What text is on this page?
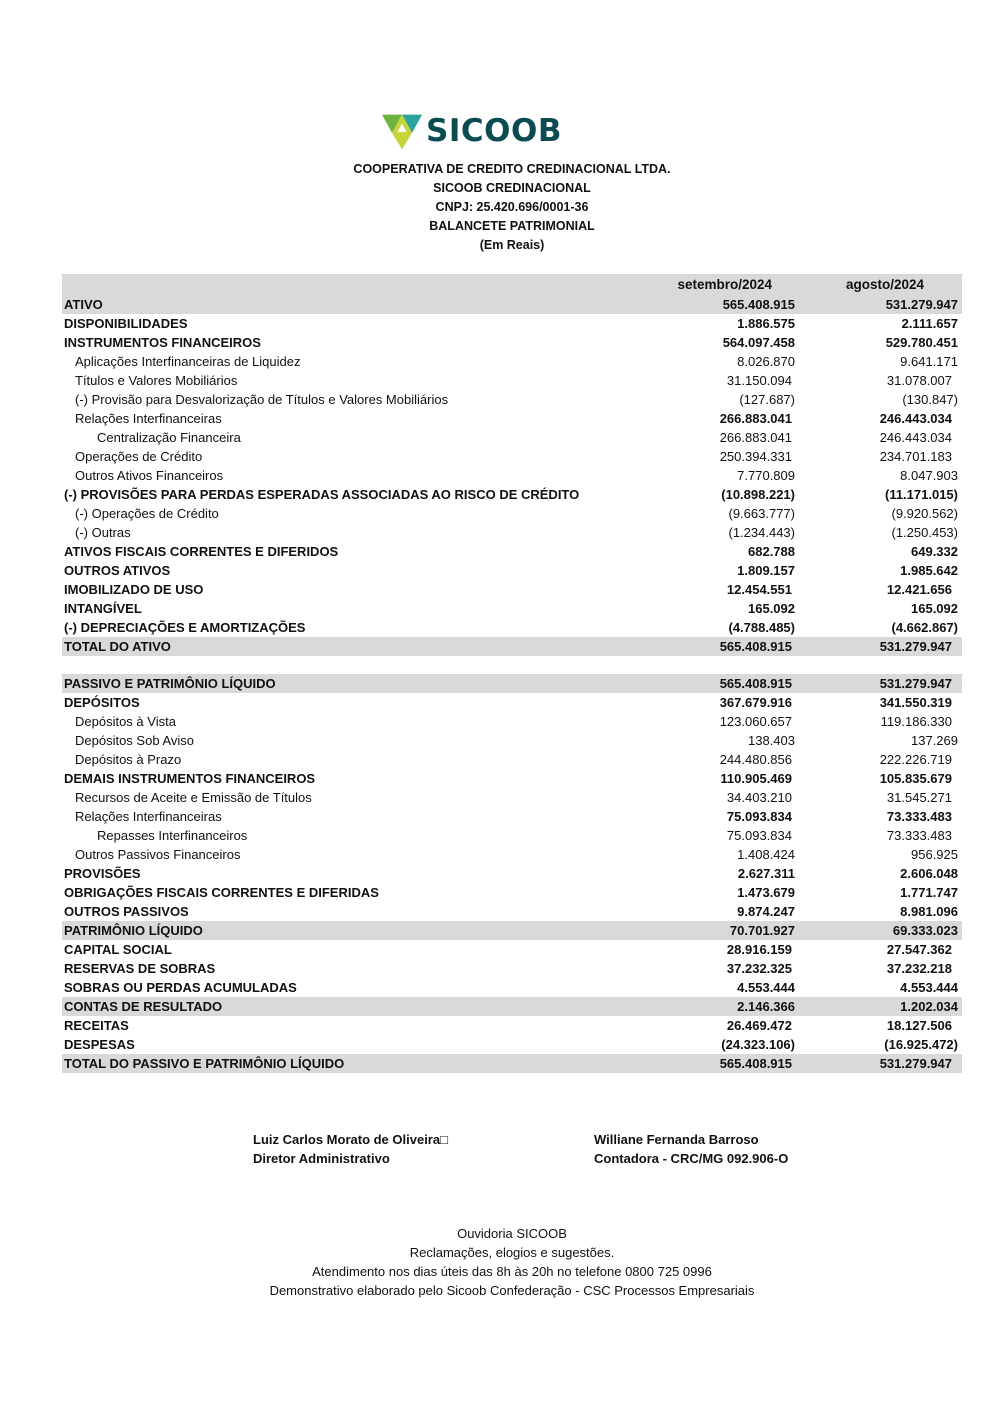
SICOOB
COOPERATIVA DE CREDITO CREDINACIONAL LTDA.
SICOOB CREDINACIONAL
CNPJ: 25.420.696/0001-36
BALANCETE PATRIMONIAL
(Em Reais)
setembro/2024	agosto/2024
ATIVO	565.408.915	531.279.947
DISPONIBILIDADES	1.886.575	2.111.657
INSTRUMENTOS FINANCEIROS	564.097.458	529.780.451
Aplicações Interfinanceiras de Liquidez	8.026.870	9.641.171
Títulos e Valores Mobiliários	31.150.094	31.078.007
(-) Provisão para Desvalorização de Títulos e Valores Mobiliários	(127.687)	(130.847)
Relações Interfinanceiras	266.883.041	246.443.034
Centralização Financeira	266.883.041	246.443.034
Operações de Crédito	250.394.331	234.701.183
Outros Ativos Financeiros	7.770.809	8.047.903
(-) PROVISÕES PARA PERDAS ESPERADAS ASSOCIADAS AO RISCO DE CRÉDITO	(10.898.221)	(11.171.015)
(-) Operações de Crédito	(9.663.777)	(9.920.562)
(-) Outras	(1.234.443)	(1.250.453)
ATIVOS FISCAIS CORRENTES E DIFERIDOS	682.788	649.332
OUTROS ATIVOS	1.809.157	1.985.642
IMOBILIZADO DE USO	12.454.551	12.421.656
INTANGÍVEL	165.092	165.092
(-) DEPRECIAÇÕES E AMORTIZAÇÕES	(4.788.485)	(4.662.867)
TOTAL DO ATIVO	565.408.915	531.279.947
PASSIVO E PATRIMÔNIO LÍQUIDO	565.408.915	531.279.947
DEPÓSITOS	367.679.916	341.550.319
Depósitos à Vista	123.060.657	119.186.330
Depósitos Sob Aviso	138.403	137.269
Depósitos à Prazo	244.480.856	222.226.719
DEMAIS INSTRUMENTOS FINANCEIROS	110.905.469	105.835.679
Recursos de Aceite e Emissão de Títulos	34.403.210	31.545.271
Relações Interfinanceiras	75.093.834	73.333.483
Repasses Interfinanceiros	75.093.834	73.333.483
Outros Passivos Financeiros	1.408.424	956.925
PROVISÕES	2.627.311	2.606.048
OBRIGAÇÕES FISCAIS CORRENTES E DIFERIDAS	1.473.679	1.771.747
OUTROS PASSIVOS	9.874.247	8.981.096
PATRIMÔNIO LÍQUIDO	70.701.927	69.333.023
CAPITAL SOCIAL	28.916.159	27.547.362
RESERVAS DE SOBRAS	37.232.325	37.232.218
SOBRAS OU PERDAS ACUMULADAS	4.553.444	4.553.444
CONTAS DE RESULTADO	2.146.366	1.202.034
RECEITAS	26.469.472	18.127.506
DESPESAS	(24.323.106)	(16.925.472)
TOTAL DO PASSIVO E PATRIMÔNIO LÍQUIDO	565.408.915	531.279.947
Luiz Carlos Morato de Oliveira□
Diretor Administrativo
Williane Fernanda Barroso
Contadora - CRC/MG 092.906-O
Ouvidoria SICOOB
Reclamações, elogios e sugestões.
Atendimento nos dias úteis das 8h às 20h no telefone 0800 725 0996
Demonstrativo elaborado pelo Sicoob Confederação - CSC Processos Empresariais
